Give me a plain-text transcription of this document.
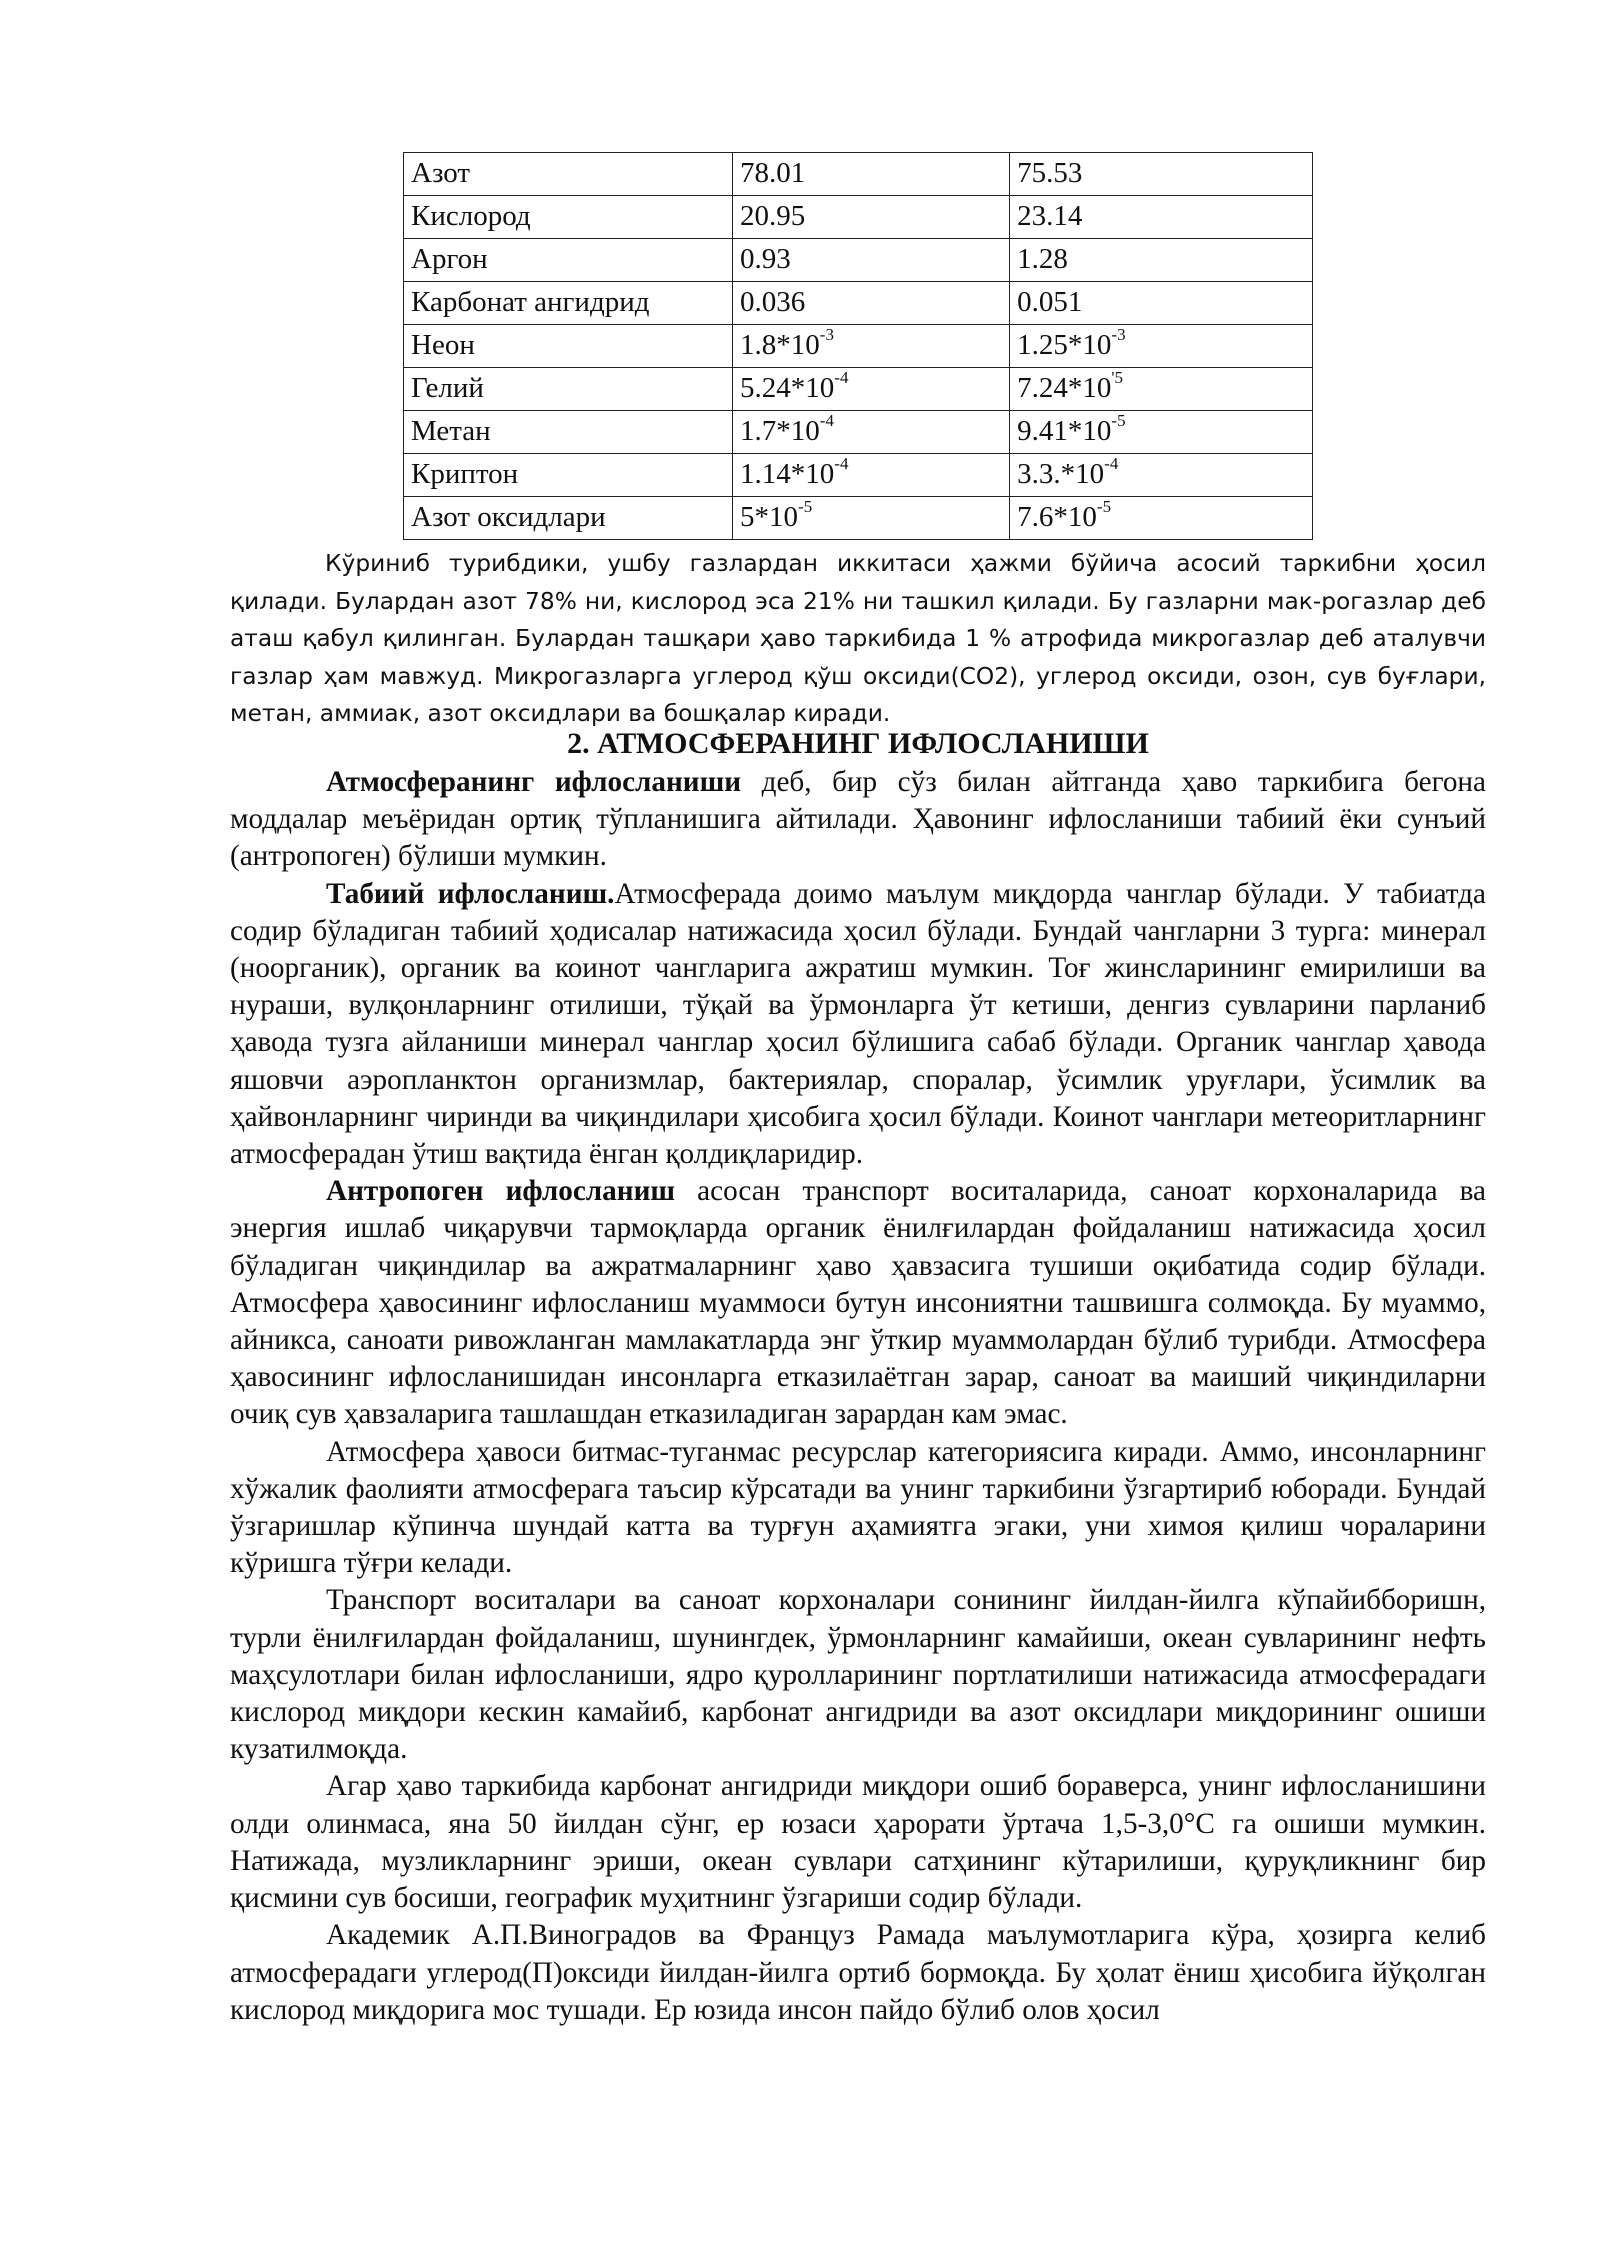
Азот	78.01	75.53
Кислород	20.95	23.14
Аргон	0.93	1.28
Карбонат ангидрид	0.036	0.051
Неон	$1.8*10^{-3}$	$1.25*10^{-3}$
Гелий	$5.24*10^{-4}$	$7.24*10^{'5}$
Метан	$1.7*10^{-4}$	$9.41*10^{-5}$
Криптон	$1.14*10^{-4}$	$3.3.*10^{-4}$
Азот оксидлари	$5*10^{-5}$	$7.6*10^{-5}$

Кўриниб турибдики, ушбу газлардан иккитаси ҳажми бўйича асосий таркибни ҳосил қилади. Булардан азот 78% ни, кислород эса 21% ни ташкил қилади. Бу газларни мак-рогазлар деб аташ қабул қилинган. Булардан ташқари ҳаво таркибида 1 % атрофида микрогазлар деб аталувчи газлар ҳам мавжуд. Микрогазларга углерод қўш оксиди(СО2), углерод оксиди, озон, сув буғлари, метан, аммиак, азот оксидлари ва бошқалар киради.

2. АТМОСФЕРАНИНГ ИФЛОСЛАНИШИ

Атмосферанинг ифлосланиши деб, бир сўз билан айтганда ҳаво таркибига бегона моддалар меъёридан ортиқ тўпланишига айтилади. Ҳавонинг ифлосланиши табиий ёки сунъий (антропоген) бўлиши мумкин.

Табиий ифлосланиш.Атмосферада доимо маълум миқдорда чанглар бўлади. У табиатда содир бўладиган табиий ҳодисалар натижасида ҳосил бўлади. Бундай чангларни 3 турга: минерал (ноорганик), органик ва коинот чангларига ажратиш мумкин. Тоғ жинсларининг емирилиши ва нураши, вулқонларнинг отилиши, тўқай ва ўрмонларга ўт кетиши, денгиз сувларини парланиб ҳавода тузга айланиши минерал чанглар ҳосил бўлишига сабаб бўлади. Органик чанглар ҳавода яшовчи аэропланктон организмлар, бактериялар, споралар, ўсимлик уруғлари, ўсимлик ва ҳайвонларнинг чиринди ва чиқиндилари ҳисобига ҳосил бўлади. Коинот чанглари метеоритларнинг атмосферадан ўтиш вақтида ёнган қолдиқларидир.

Антропоген ифлосланиш асосан транспорт воситаларида, саноат корхоналарида ва энергия ишлаб чиқарувчи тармоқларда органик ёнилғилардан фойдаланиш натижасида ҳосил бўладиган чиқиндилар ва ажратмаларнинг ҳаво ҳавзасига тушиши оқибатида содир бўлади. Атмосфера ҳавосининг ифлосланиш муаммоси бутун инсониятни ташвишга солмоқда. Бу муаммо, айникса, саноати ривожланган мамлакатларда энг ўткир муаммолардан бўлиб турибди. Атмосфера ҳавосининг ифлосланишидан инсонларга етказилаётган зарар, саноат ва маиший чиқиндиларни очиқ сув ҳавзаларига ташлашдан етказиладиган зарардан кам эмас.

Атмосфера ҳавоси битмас-туганмас ресурслар категориясига киради. Аммо, инсонларнинг хўжалик фаолияти атмосферага таъсир кўрсатади ва унинг таркибини ўзгартириб юборади. Бундай ўзгаришлар кўпинча шундай катта ва турғун аҳамиятга эгаки, уни химоя қилиш чораларини кўришга тўғри келади.

Транспорт воситалари ва саноат корхоналари сонининг йилдан-йилга кўпайибборишн, турли ёнилғилардан фойдаланиш, шунингдек, ўрмонларнинг камайиши, океан сувларининг нефть маҳсулотлари билан ифлосланиши, ядро қуролларининг портлатилиши натижасида атмосферадаги кислород миқдори кескин камайиб, карбонат ангидриди ва азот оксидлари миқдорининг ошиши кузатилмоқда.

Агар ҳаво таркибида карбонат ангидриди миқдори ошиб бораверса, унинг ифлосланишини олди олинмаса, яна 50 йилдан сўнг, ер юзаси ҳарорати ўртача 1,5-3,0°С га ошиши мумкин. Натижада, музликларнинг эриши, океан сувлари сатҳининг кўтарилиши, қуруқликнинг бир қисмини сув босиши, географик муҳитнинг ўзгариши содир бўлади.

Академик А.П.Виноградов ва Француз Рамада маълумотларига кўра, ҳозирга келиб атмосферадаги углерод(П)оксиди йилдан-йилга ортиб бормоқда. Бу ҳолат ёниш ҳисобига йўқолган кислород миқдорига мос тушади. Ер юзида инсон пайдо бўлиб олов ҳосил
